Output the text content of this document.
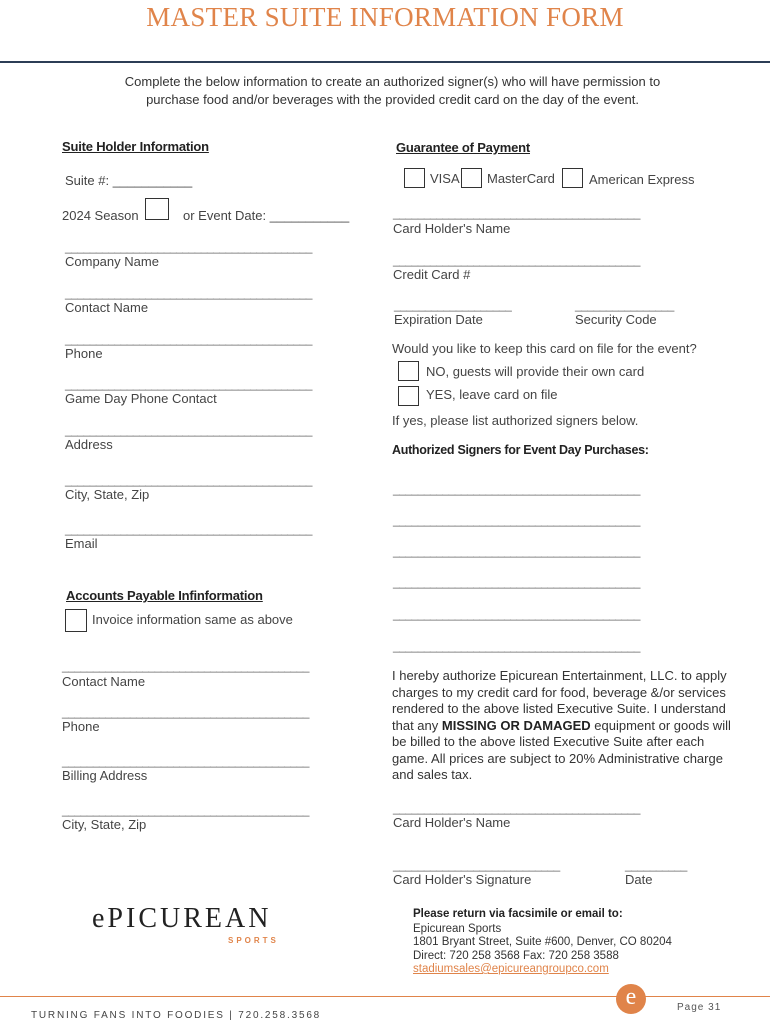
MASTER SUITE INFORMATION FORM
Complete the below information to create an authorized signer(s) who will have permission to purchase food and/or beverages with the provided credit card on the day of the event.
Suite Holder Information
Suite #: ___________
2024 Season	or Event Date: ___________
________________________________________
Company Name
________________________________________
Contact Name
________________________________________
Phone
________________________________________
Game Day Phone Contact
________________________________________
Address
________________________________________
City, State, Zip
________________________________________
Email
Accounts Payable Infinformation
Invoice information same as above
________________________________________
Contact Name
________________________________________
Phone
________________________________________
Billing Address
________________________________________
City, State, Zip
Guarantee of Payment
VISA MasterCard	American Express
________________________________________
Card Holder's Name
________________________________________
Credit Card #
___________________
Expiration Date
________________
Security Code
Would you like to keep this card on file for the event?
NO, guests will provide their own card
YES, leave card on file
If yes, please list authorized signers below.
Authorized Signers for Event Day Purchases:
________________________________________
________________________________________
________________________________________
________________________________________
________________________________________
________________________________________
I hereby authorize Epicurean Entertainment, LLC. to apply charges to my credit card for food, beverage &/or services rendered to the above listed Executive Suite. I understand that any MISSING OR DAMAGED equipment or goods will be billed to the above listed Executive Suite after each game. All prices are subject to 20% Administrative charge and sales tax.
________________________________________
Card Holder's Name
___________________________
Card Holder's Signature
__________
Date
ePICUREAN
SPORTS
Please return via facsimile or email to:
Epicurean Sports
1801 Bryant Street, Suite #600, Denver, CO 80204
Direct: 720 258 3568 Fax: 720 258 3588
stadiumsales@epicureangroupco.com
e
TURNING FANS INTO FOODIES | 720.258.3568
Page 31
